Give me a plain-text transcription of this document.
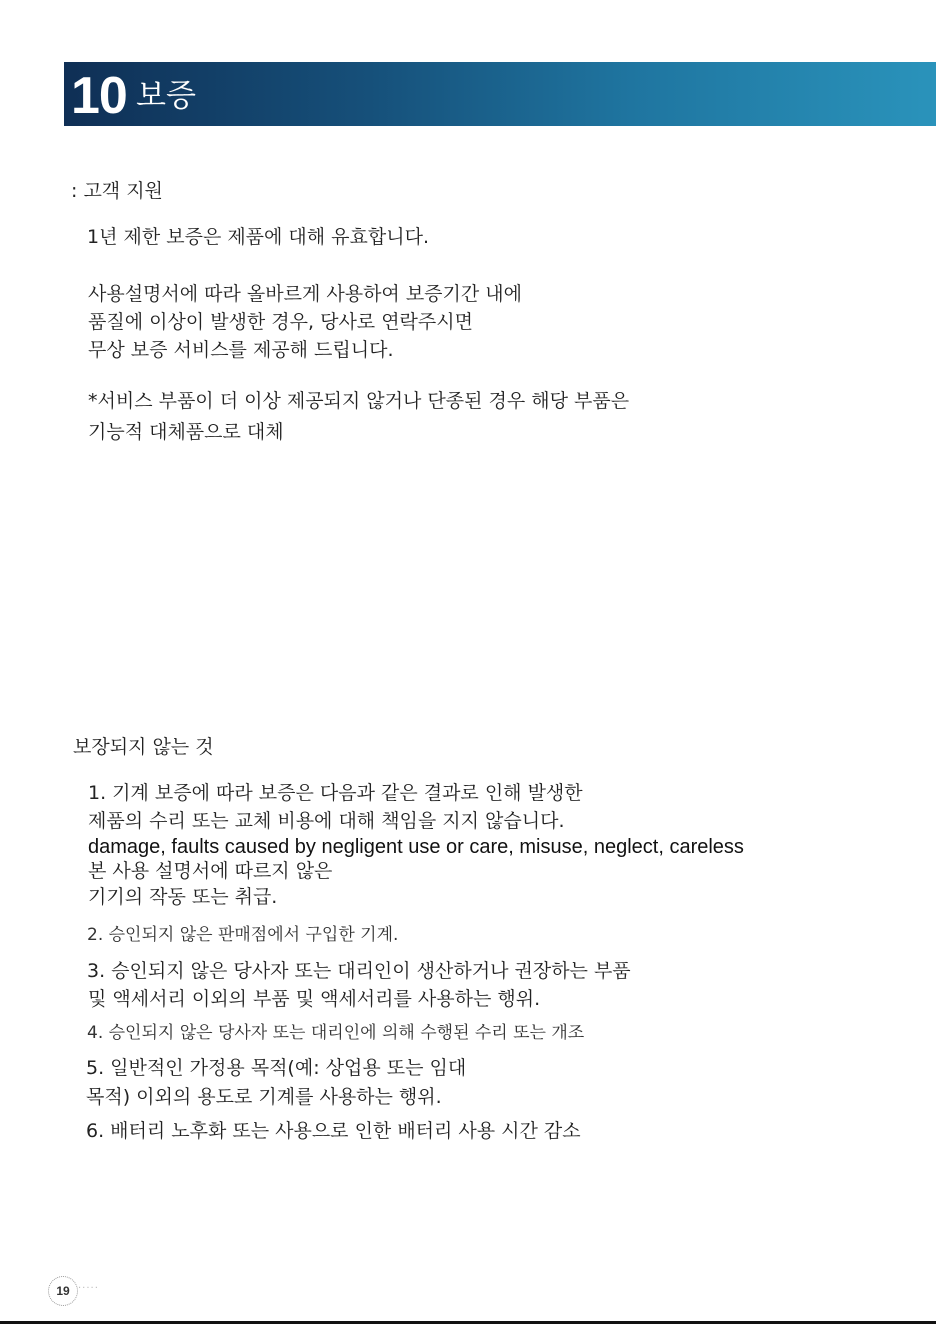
10 보증
: 고객 지원
1년 제한 보증은 제품에 대해 유효합니다.
사용설명서에 따라 올바르게 사용하여 보증기간 내에
품질에 이상이 발생한 경우, 당사로 연락주시면
무상 보증 서비스를 제공해 드립니다.
*서비스 부품이 더 이상 제공되지 않거나 단종된 경우 해당 부품은
기능적 대체품으로 대체
보장되지 않는 것
1. 기계 보증에 따라 보증은 다음과 같은 결과로 인해 발생한
제품의 수리 또는 교체 비용에 대해 책임을 지지 않습니다.
damage, faults caused by negligent use or care, misuse, neglect, careless
본 사용 설명서에 따르지 않은
기기의 작동 또는 취급.
2. 승인되지 않은 판매점에서 구입한 기계.
3. 승인되지 않은 당사자 또는 대리인이 생산하거나 권장하는 부품
및 액세서리 이외의 부품 및 액세서리를 사용하는 행위.
4. 승인되지 않은 당사자 또는 대리인에 의해 수행된 수리 또는 개조
5. 일반적인 가정용 목적(예: 상업용 또는 임대
목적) 이외의 용도로 기계를 사용하는 행위.
6. 배터리 노후화 또는 사용으로 인한 배터리 사용 시간 감소
19 ·····
